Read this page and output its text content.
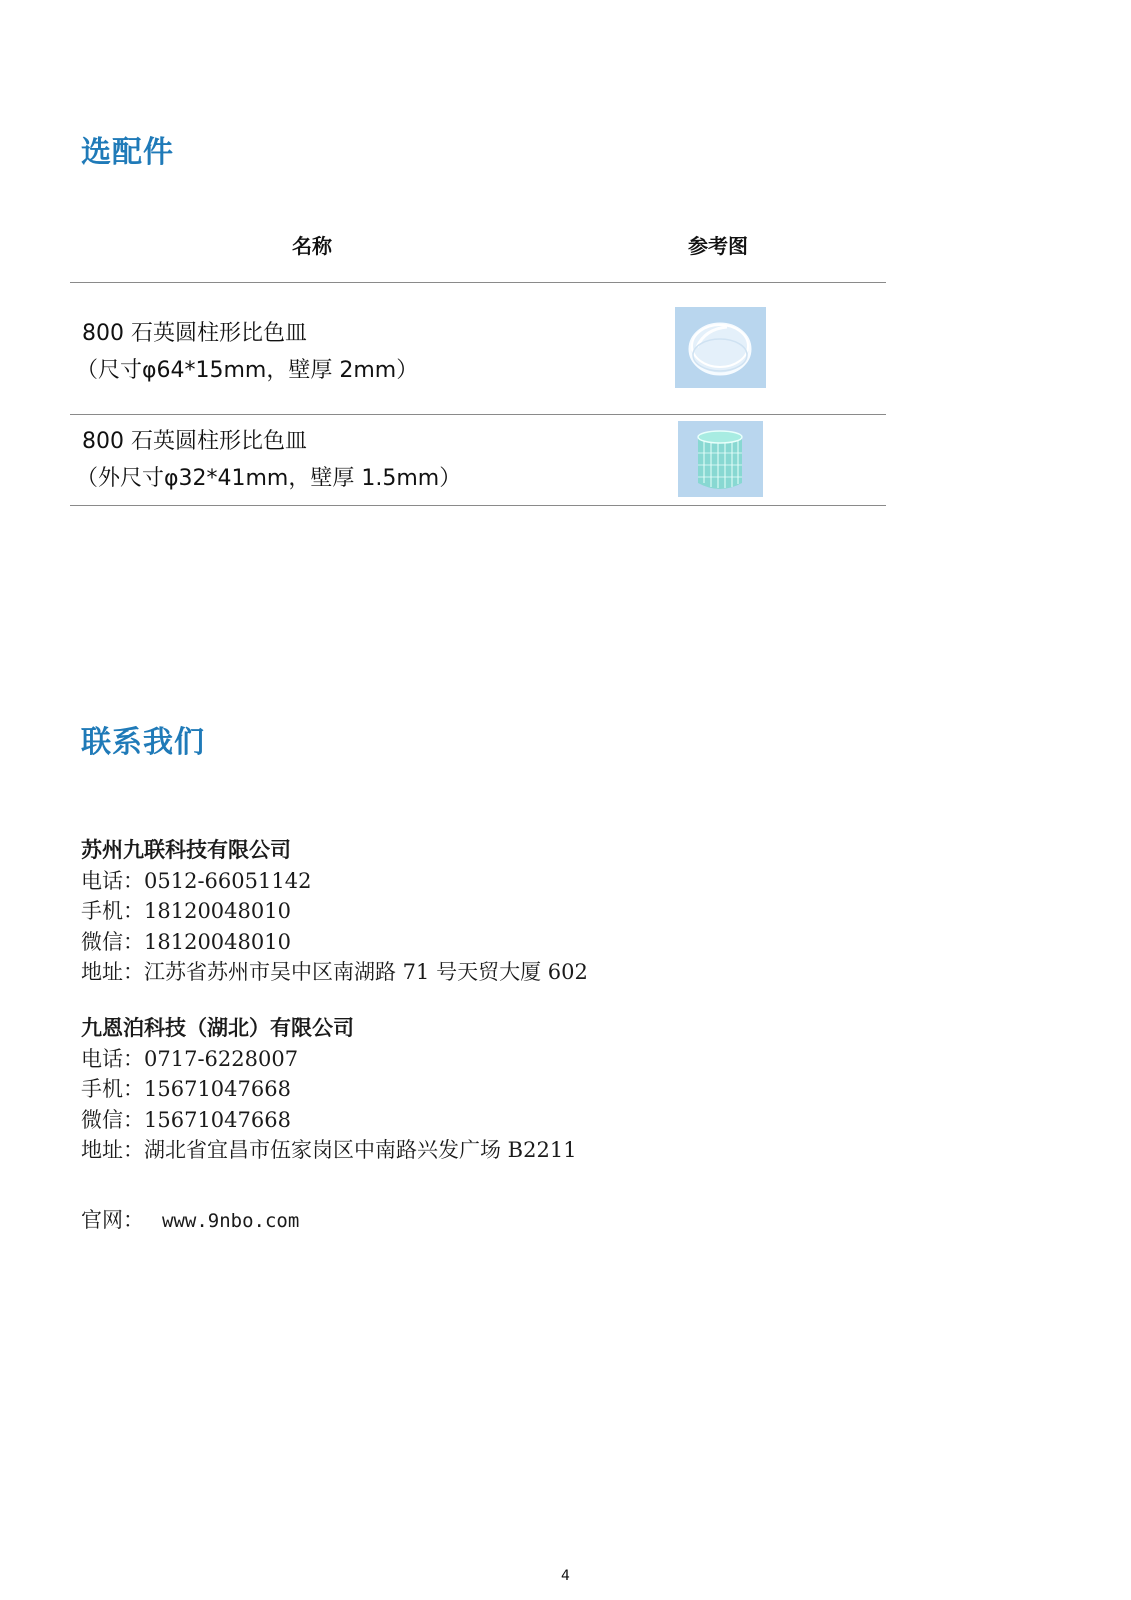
选配件
名称	参考图
800 石英圆柱形比色皿
（尺寸φ64*15mm，壁厚 2mm）
800 石英圆柱形比色皿
（外尺寸φ32*41mm，壁厚 1.5mm）
联系我们
苏州九联科技有限公司
电话：0512-66051142
手机：18120048010
微信：18120048010
地址：江苏省苏州市吴中区南湖路 71 号天贸大厦 602
九恩泊科技（湖北）有限公司
电话：0717-6228007
手机：15671047668
微信：15671047668
地址：湖北省宜昌市伍家岗区中南路兴发广场 B2211
官网： www.9nbo.com
4
